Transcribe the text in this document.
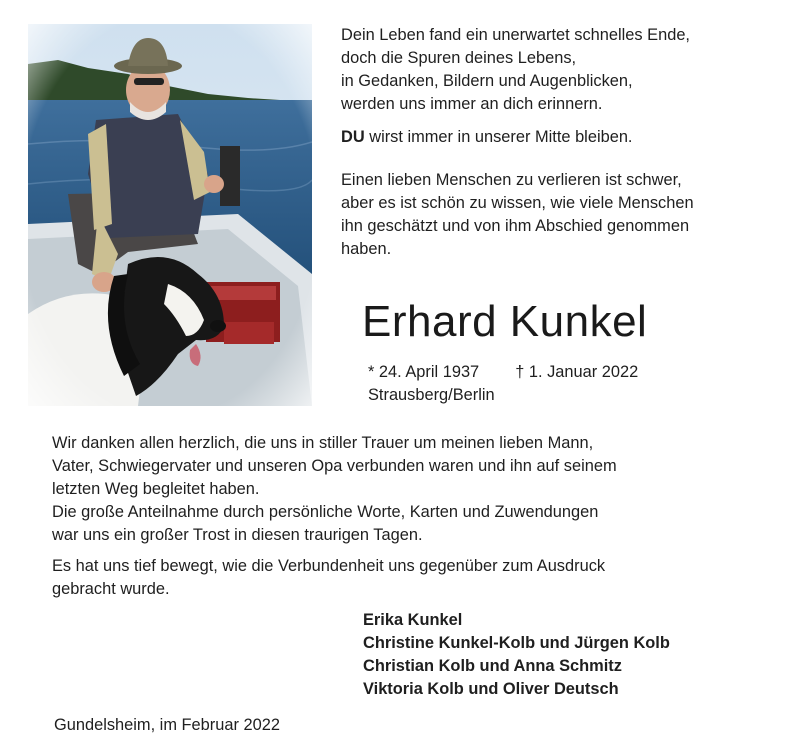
Dein Leben fand ein unerwartet schnelles Ende,
doch die Spuren deines Lebens,
in Gedanken, Bildern und Augenblicken,
werden uns immer an dich erinnern.

DU wirst immer in unserer Mitte bleiben.

Einen lieben Menschen zu verlieren ist schwer,
aber es ist schön zu wissen, wie viele Menschen
ihn geschätzt und von ihm Abschied genommen
haben.

Erhard Kunkel
* 24. April 1937 † 1. Januar 2022
Strausberg/Berlin
Wir danken allen herzlich, die uns in stiller Trauer um meinen lieben Mann,
Vater, Schwiegervater und unseren Opa verbunden waren und ihn auf seinem
letzten Weg begleitet haben.
Die große Anteilnahme durch persönliche Worte, Karten und Zuwendungen
war uns ein großer Trost in diesen traurigen Tagen.
Es hat uns tief bewegt, wie die Verbundenheit uns gegenüber zum Ausdruck
gebracht wurde.
Erika Kunkel
Christine Kunkel-Kolb und Jürgen Kolb
Christian Kolb und Anna Schmitz
Viktoria Kolb und Oliver Deutsch
Gundelsheim, im Februar 2022
